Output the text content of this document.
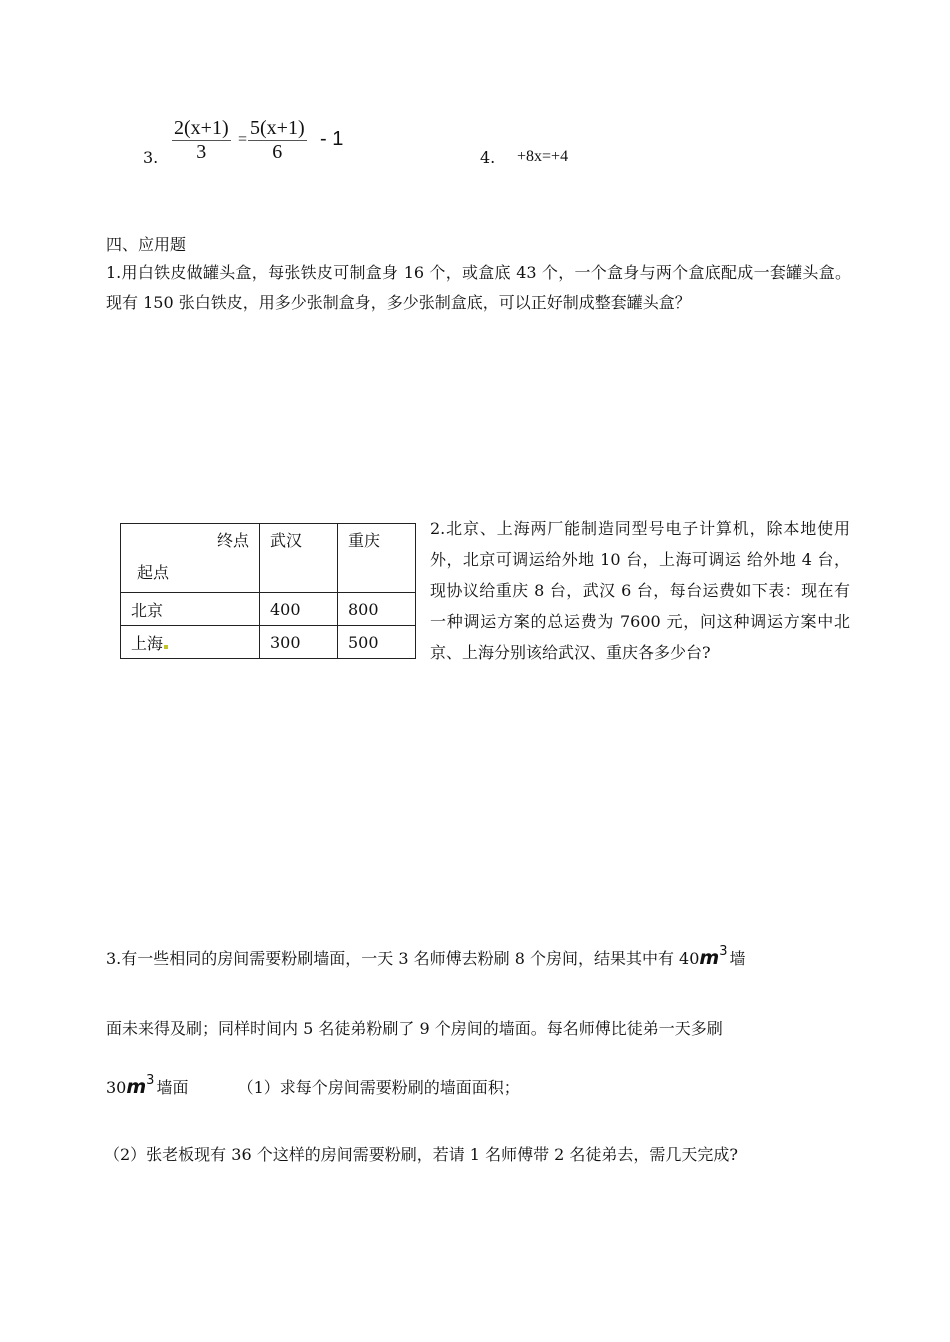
3. $\frac{2(x+1)}{3} = \frac{5(x+1)}{6} - 1$
4. +8x=+4
四、应用题
1.用白铁皮做罐头盒，每张铁皮可制盒身 16 个，或盒底 43 个，一个盒身与两个盒底配成一套罐头盒。现有 150 张白铁皮，用多少张制盒身，多少张制盒底，可以正好制成整套罐头盒？
终点
起点	武汉	重庆
北京	400	800
上海	300	500
2.北京、上海两厂能制造同型号电子计算机，除本地使用外，北京可调运给外地 10 台，上海可调运 给外地 4 台，现协议给重庆 8 台，武汉 6 台，每台运费如下表：现在有一种调运方案的总运费为 7600 元，问这种调运方案中北京、上海分别该给武汉、重庆各多少台?
3.有一些相同的房间需要粉刷墙面，一天 3 名师傅去粉刷 8 个房间，结果其中有 $40m^3$ 墙
面未来得及刷；同样时间内 5 名徒弟粉刷了 9 个房间的墙面。每名师傅比徒弟一天多刷
$30m^3$ 墙面	（1）求每个房间需要粉刷的墙面面积；
（2）张老板现有 36 个这样的房间需要粉刷，若请 1 名师傅带 2 名徒弟去，需几天完成?
